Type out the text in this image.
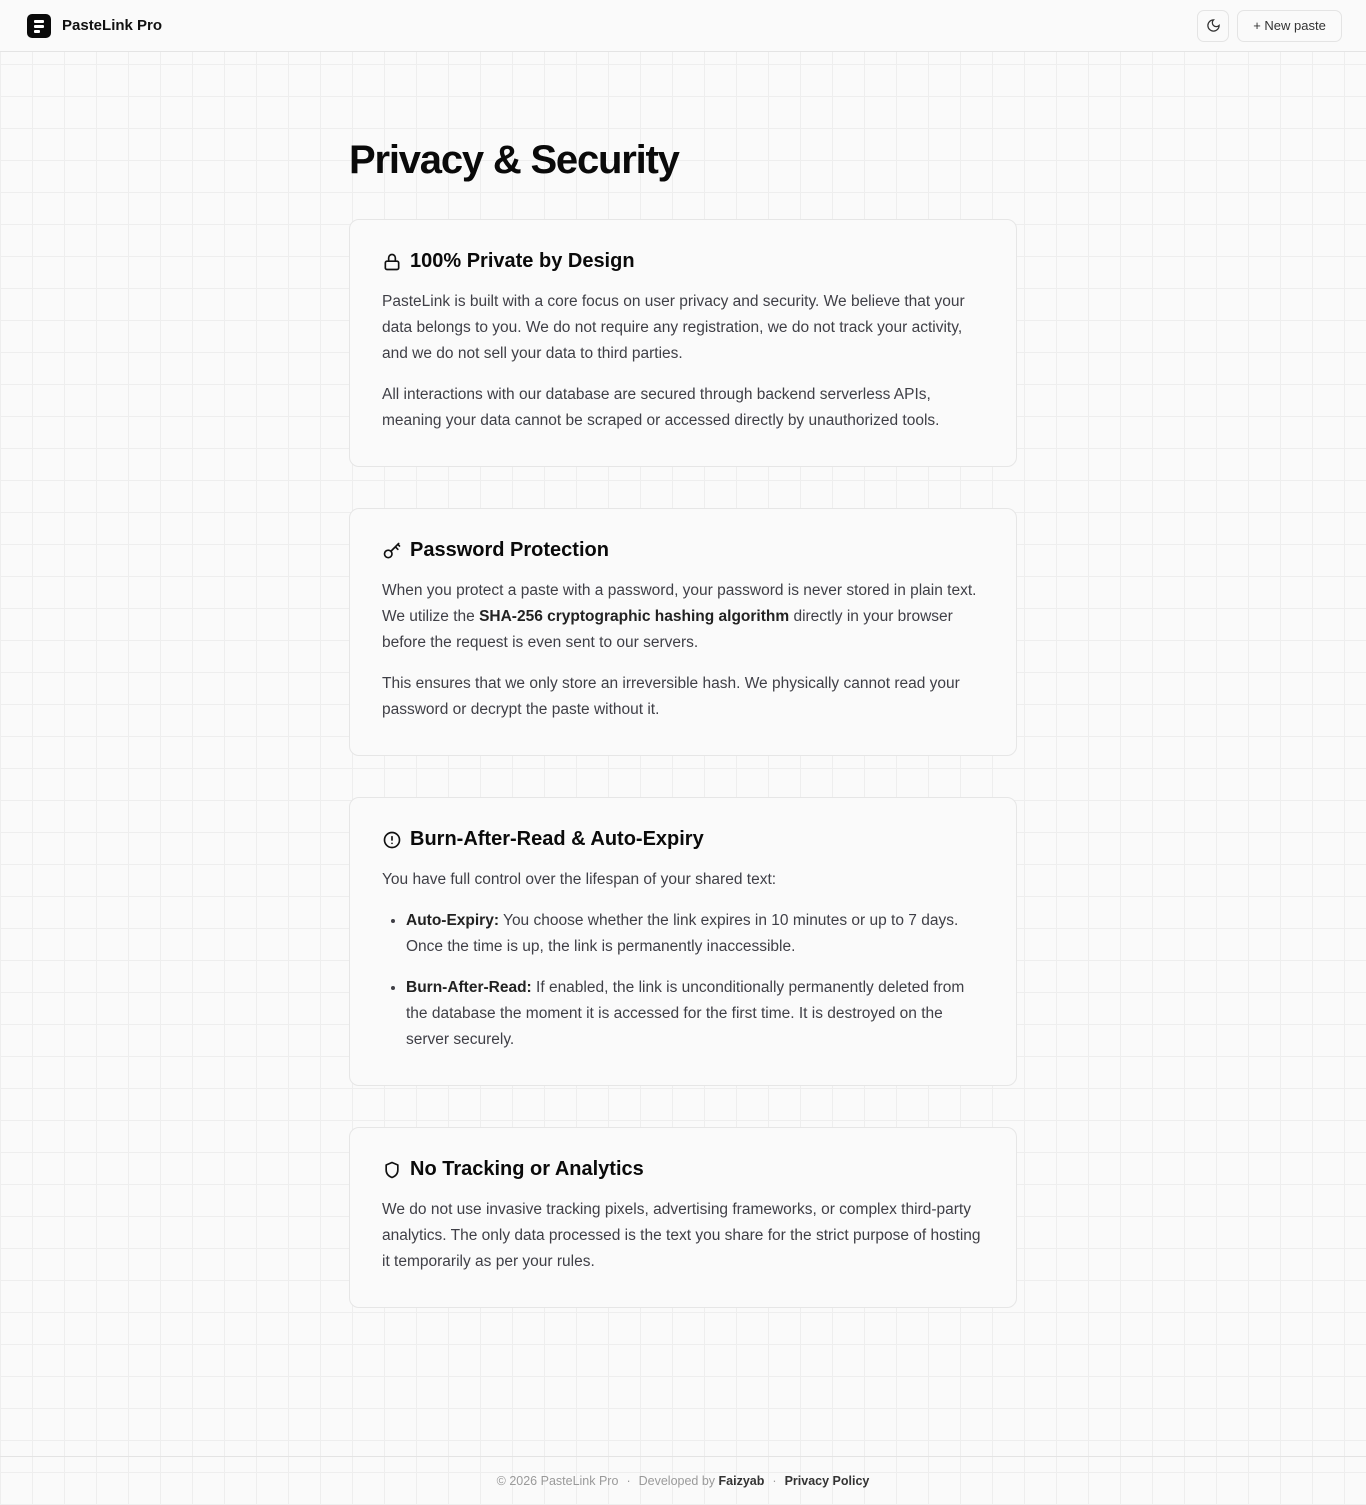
PasteLink Pro	+ New paste
Privacy & Security
100% Private by Design

PasteLink is built with a core focus on user privacy and security. We believe that your data belongs to you. We do not require any registration, we do not track your activity, and we do not sell your data to third parties.

All interactions with our database are secured through backend serverless APIs, meaning your data cannot be scraped or accessed directly by unauthorized tools.

Password Protection

When you protect a paste with a password, your password is never stored in plain text. We utilize the SHA-256 cryptographic hashing algorithm directly in your browser before the request is even sent to our servers.

This ensures that we only store an irreversible hash. We physically cannot read your password or decrypt the paste without it.

Burn-After-Read & Auto-Expiry

You have full control over the lifespan of your shared text:

• Auto-Expiry: You choose whether the link expires in 10 minutes or up to 7 days. Once the time is up, the link is permanently inaccessible.
• Burn-After-Read: If enabled, the link is unconditionally permanently deleted from the database the moment it is accessed for the first time. It is destroyed on the server securely.
No Tracking or Analytics

We do not use invasive tracking pixels, advertising frameworks, or complex third-party analytics. The only data processed is the text you share for the strict purpose of hosting it temporarily as per your rules.

© 2026 PasteLink Pro · Developed by Faizyab · Privacy Policy
